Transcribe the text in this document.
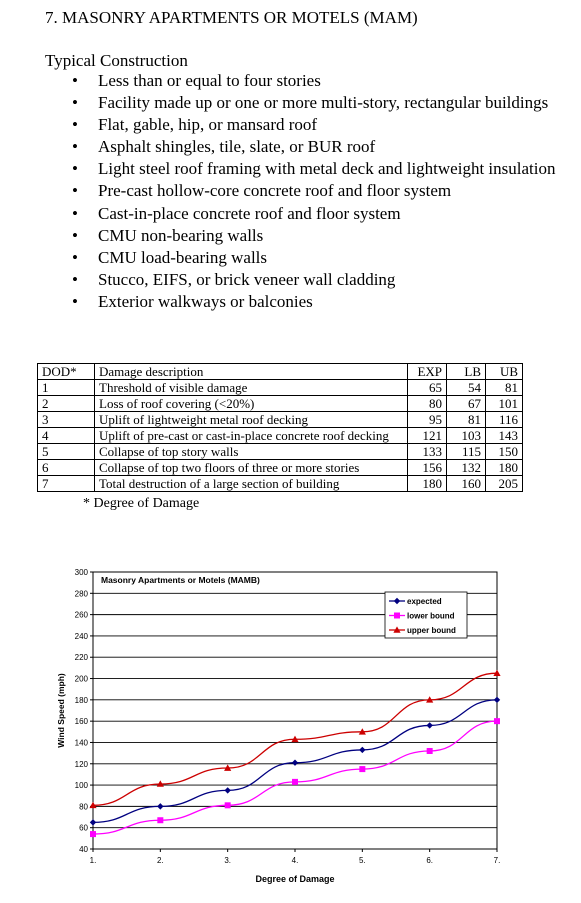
7. MASONRY APARTMENTS OR MOTELS (MAM)
Typical Construction
• Less than or equal to four stories
• Facility made up or one or more multi-story, rectangular buildings
• Flat, gable, hip, or mansard roof
• Asphalt shingles, tile, slate, or BUR roof
• Light steel roof framing with metal deck and lightweight insulation
• Pre-cast hollow-core concrete roof and floor system
• Cast-in-place concrete roof and floor system
• CMU non-bearing walls
• CMU load-bearing walls
• Stucco, EIFS, or brick veneer wall cladding
• Exterior walkways or balconies
DOD*	Damage description	EXP	LB	UB
1	Threshold of visible damage	65	54	81
2	Loss of roof covering (<20%)	80	67	101
3	Uplift of lightweight metal roof decking	95	81	116
4	Uplift of pre-cast or cast-in-place concrete roof decking	121	103	143
5	Collapse of top story walls	133	115	150
6	Collapse of top two floors of three or more stories	156	132	180
7	Total destruction of a large section of building	180	160	205
* Degree of Damage
40
60
80
100
120
140
160
180
200
220
240
260
280
300
1.	2.	3.	4.	5.	6.	7.
Degree of Damage
Wind Speed (mph)
Masonry Apartments or Motels (MAMB)
expected
lower bound
upper bound
